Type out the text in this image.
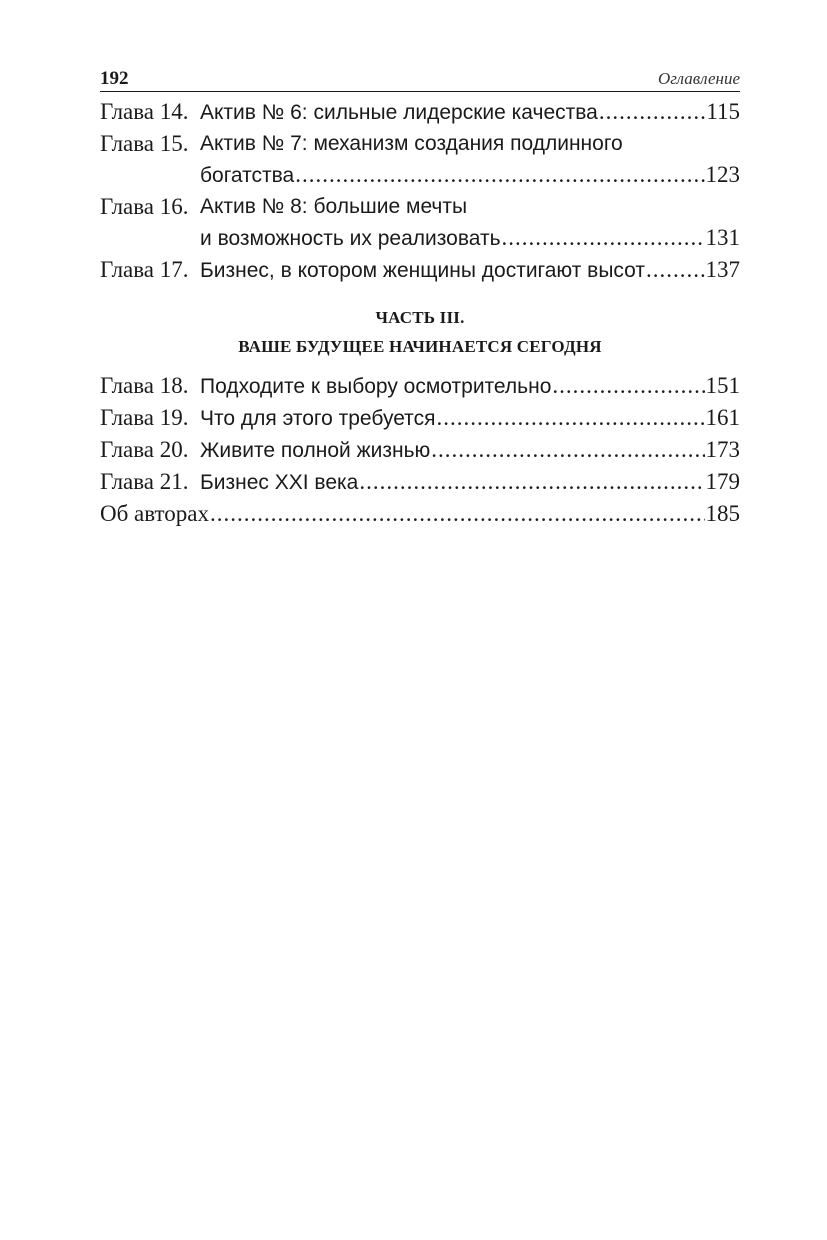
192	Оглавление
Глава 14. Актив № 6: сильные лидерские качества .....	115
Глава 15. Актив № 7: механизм создания подлинного
богатства .....	123
Глава 16. Актив № 8: большие мечты
и возможность их реализовать .....	131
Глава 17. Бизнес, в котором женщины достигают высот .....	137
ЧАСТЬ III.
ВАШЕ БУДУЩЕЕ НАЧИНАЕТСЯ СЕГОДНЯ
Глава 18. Подходите к выбору осмотрительно .....	151
Глава 19. Что для этого требуется .....	161
Глава 20. Живите полной жизнью .....	173
Глава 21. Бизнес XXI века .....	179
Об авторах .....	185
